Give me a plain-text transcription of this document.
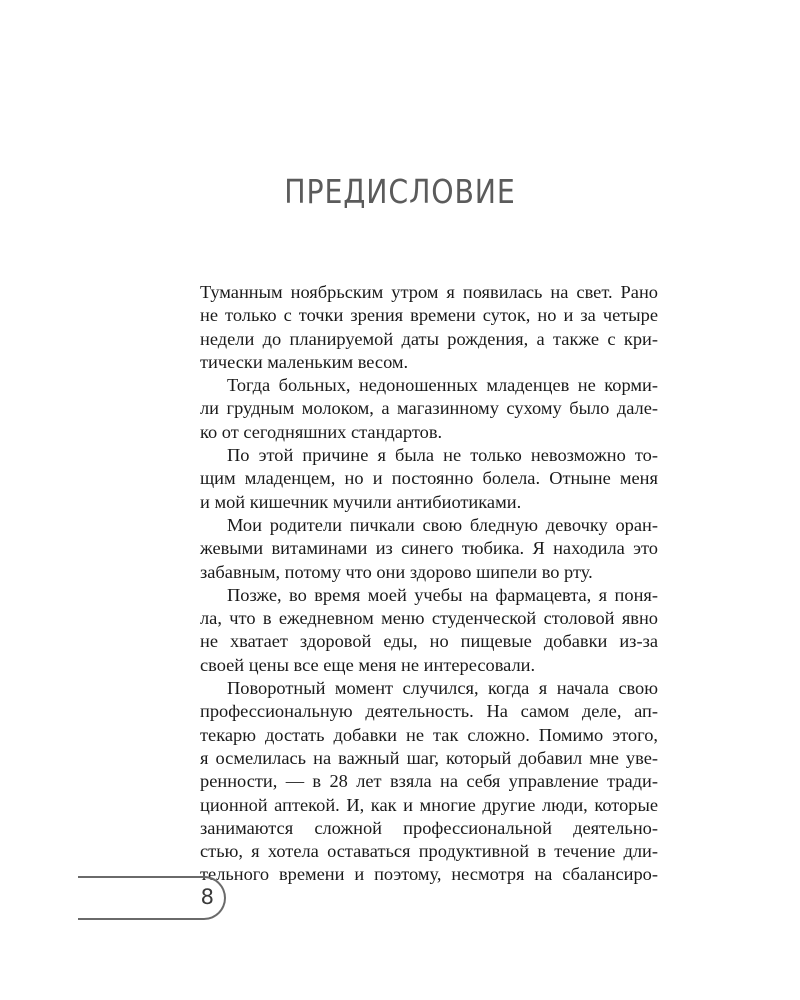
ПРЕДИСЛОВИЕ
Туманным ноябрьским утром я появилась на свет. Рано
не только с точки зрения времени суток, но и за четыре
недели до планируемой даты рождения, а также с кри-
тически маленьким весом.
Тогда больных, недоношенных младенцев не корми-
ли грудным молоком, а магазинному сухому было дале-
ко от сегодняшних стандартов.
По этой причине я была не только невозможно то-
щим младенцем, но и постоянно болела. Отныне меня
и мой кишечник мучили антибиотиками.
Мои родители пичкали свою бледную девочку оран-
жевыми витаминами из синего тюбика. Я находила это
забавным, потому что они здорово шипели во рту.
Позже, во время моей учебы на фармацевта, я поня-
ла, что в ежедневном меню студенческой столовой явно
не хватает здоровой еды, но пищевые добавки из-за
своей цены все еще меня не интересовали.
Поворотный момент случился, когда я начала свою
профессиональную деятельность. На самом деле, ап-
текарю достать добавки не так сложно. Помимо этого,
я осмелилась на важный шаг, который добавил мне уве-
ренности, — в 28 лет взяла на себя управление тради-
ционной аптекой. И, как и многие другие люди, которые
занимаются сложной профессиональной деятельно-
стью, я хотела оставаться продуктивной в течение дли-
тельного времени и поэтому, несмотря на сбалансиро-
8
